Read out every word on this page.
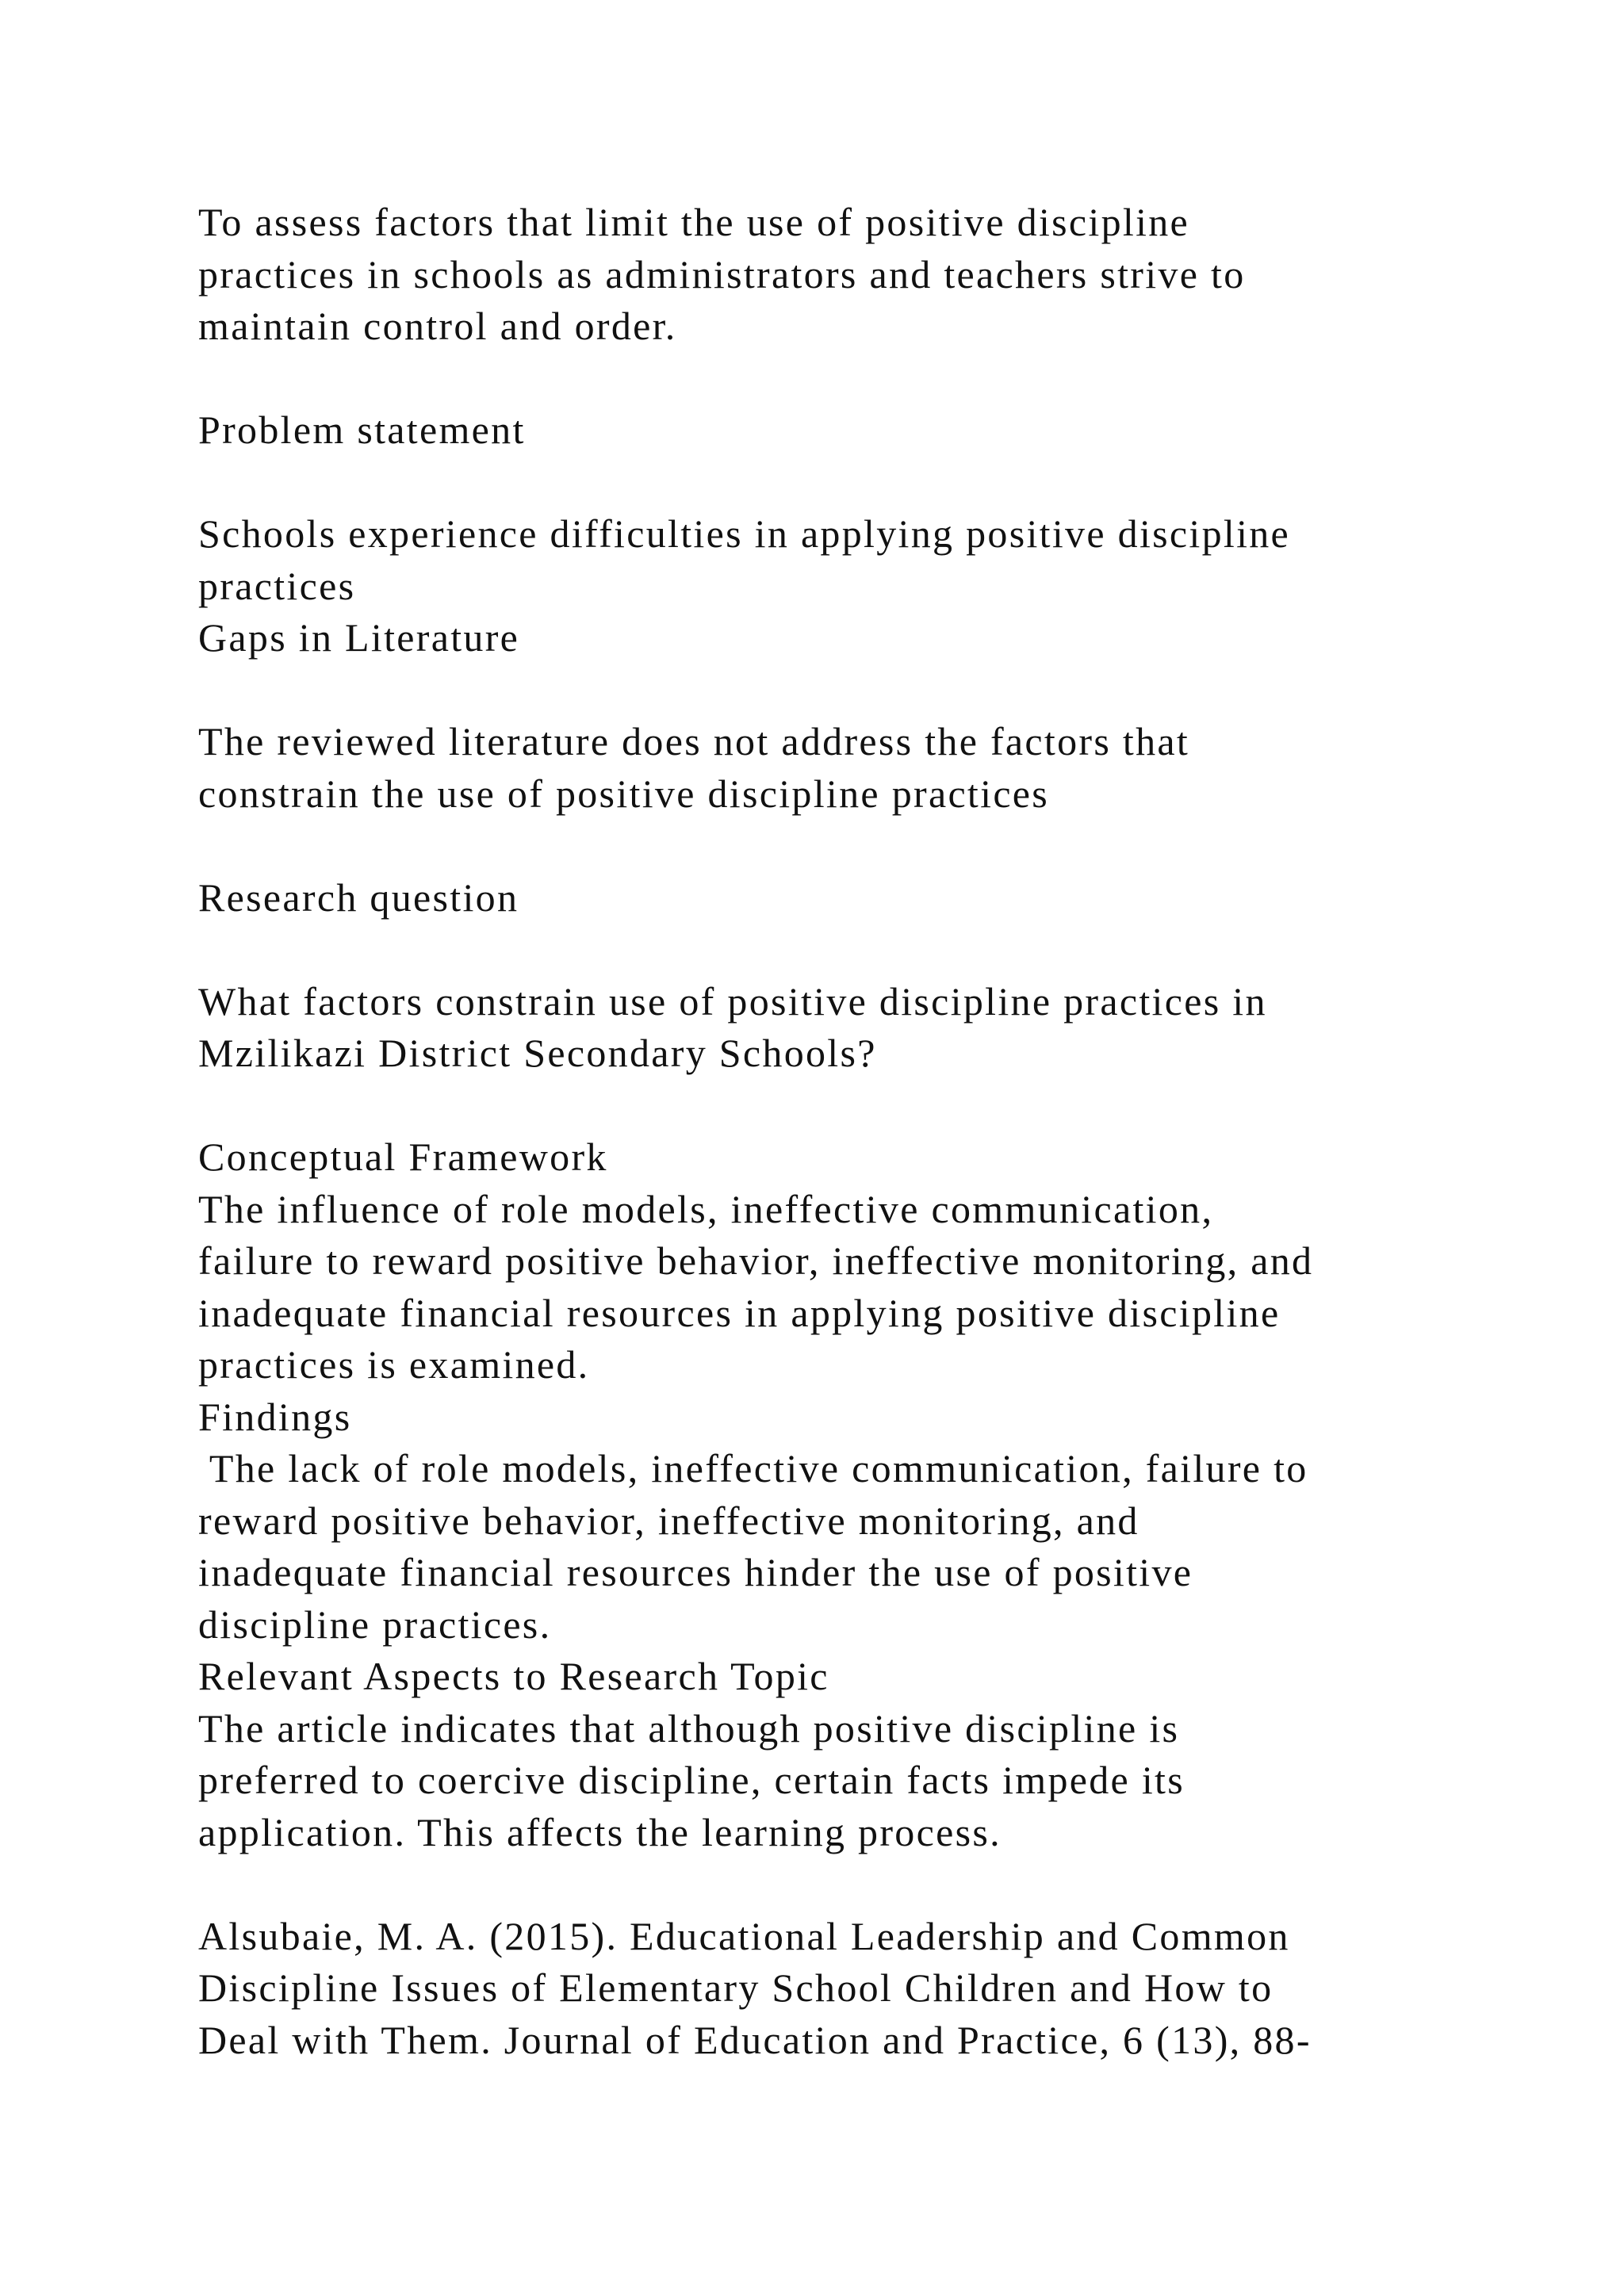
To assess factors that limit the use of positive discipline
practices in schools as administrators and teachers strive to
maintain control and order.
Problem statement
Schools experience difficulties in applying positive discipline
practices
Gaps in Literature
The reviewed literature does not address the factors that
constrain the use of positive discipline practices
Research question
What factors constrain use of positive discipline practices in
Mzilikazi District Secondary Schools?
Conceptual Framework
The influence of role models, ineffective communication,
failure to reward positive behavior, ineffective monitoring, and
inadequate financial resources in applying positive discipline
practices is examined.
Findings
The lack of role models, ineffective communication, failure to
reward positive behavior, ineffective monitoring, and
inadequate financial resources hinder the use of positive
discipline practices.
Relevant Aspects to Research Topic
The article indicates that although positive discipline is
preferred to coercive discipline, certain facts impede its
application. This affects the learning process.
Alsubaie, M. A. (2015). Educational Leadership and Common
Discipline Issues of Elementary School Children and How to
Deal with Them. Journal of Education and Practice, 6 (13), 88-
